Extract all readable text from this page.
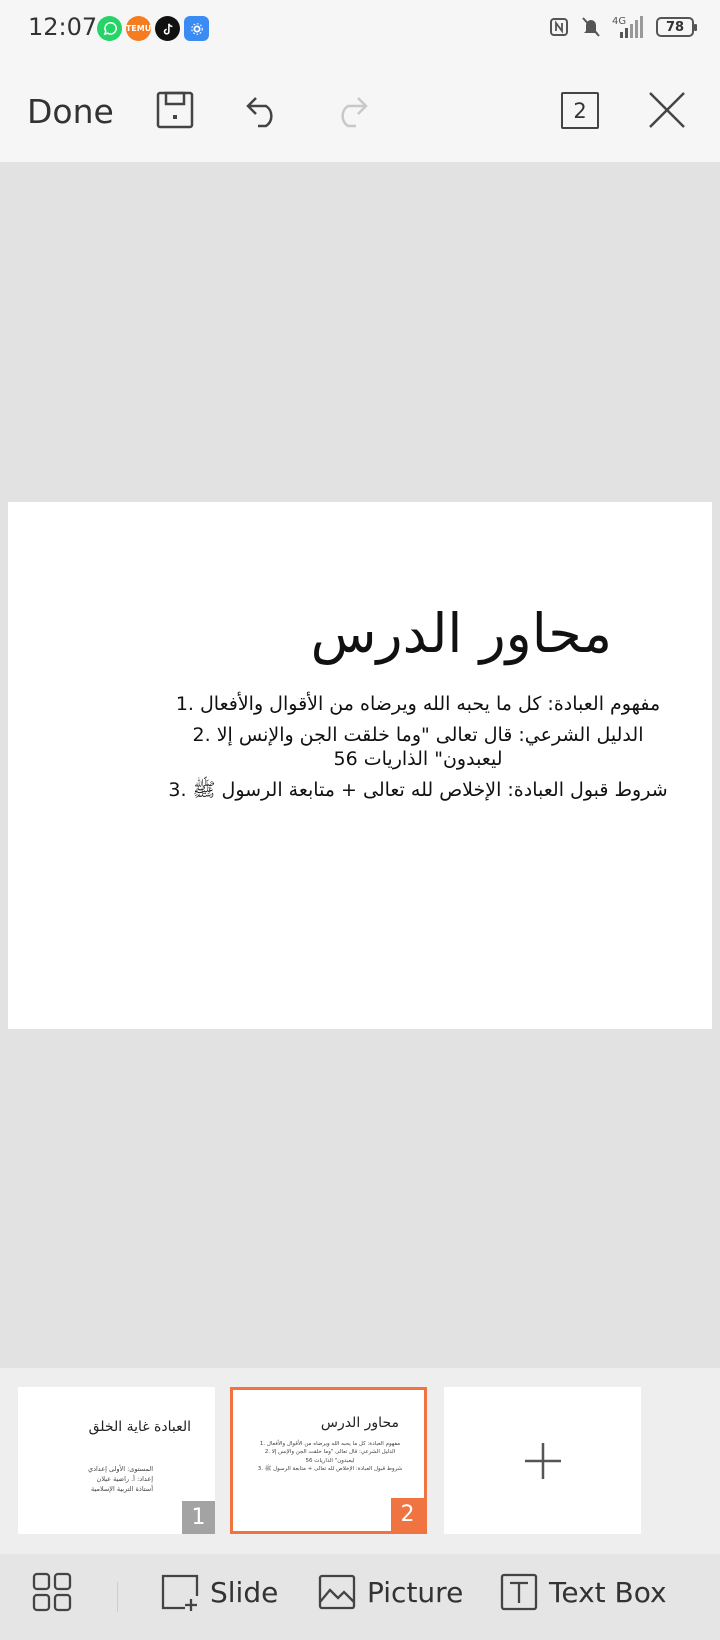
12:07	TEMU
4G	78
Done	2
محاور الدرس

مفهوم العبادة: كل ما يحبه الله ويرضاه من الأقوال والأفعال .1

الدليل الشرعي: قال تعالى "وما خلقت الجن والإنس إلا .2 ليعبدون" الذاريات 56

شروط قبول العبادة: الإخلاص لله تعالى + متابعة الرسول ﷺ .3

العبادة غاية الخلق
المستوى: الأولى إعدادي
إعداد: أ. راضية عيلان
أستاذة التربية الإسلامية
1
محاور الدرس
مفهوم العبادة: كل ما يحبه الله ويرضاه من الأقوال والأفعال .1
الدليل الشرعي: قال تعالى "وما خلقت الجن والإنس إلا .2
ليعبدون" الذاريات 56
شروط قبول العبادة: الإخلاص لله تعالى + متابعة الرسول ﷺ .3
2
Slide	Picture	Text Box
